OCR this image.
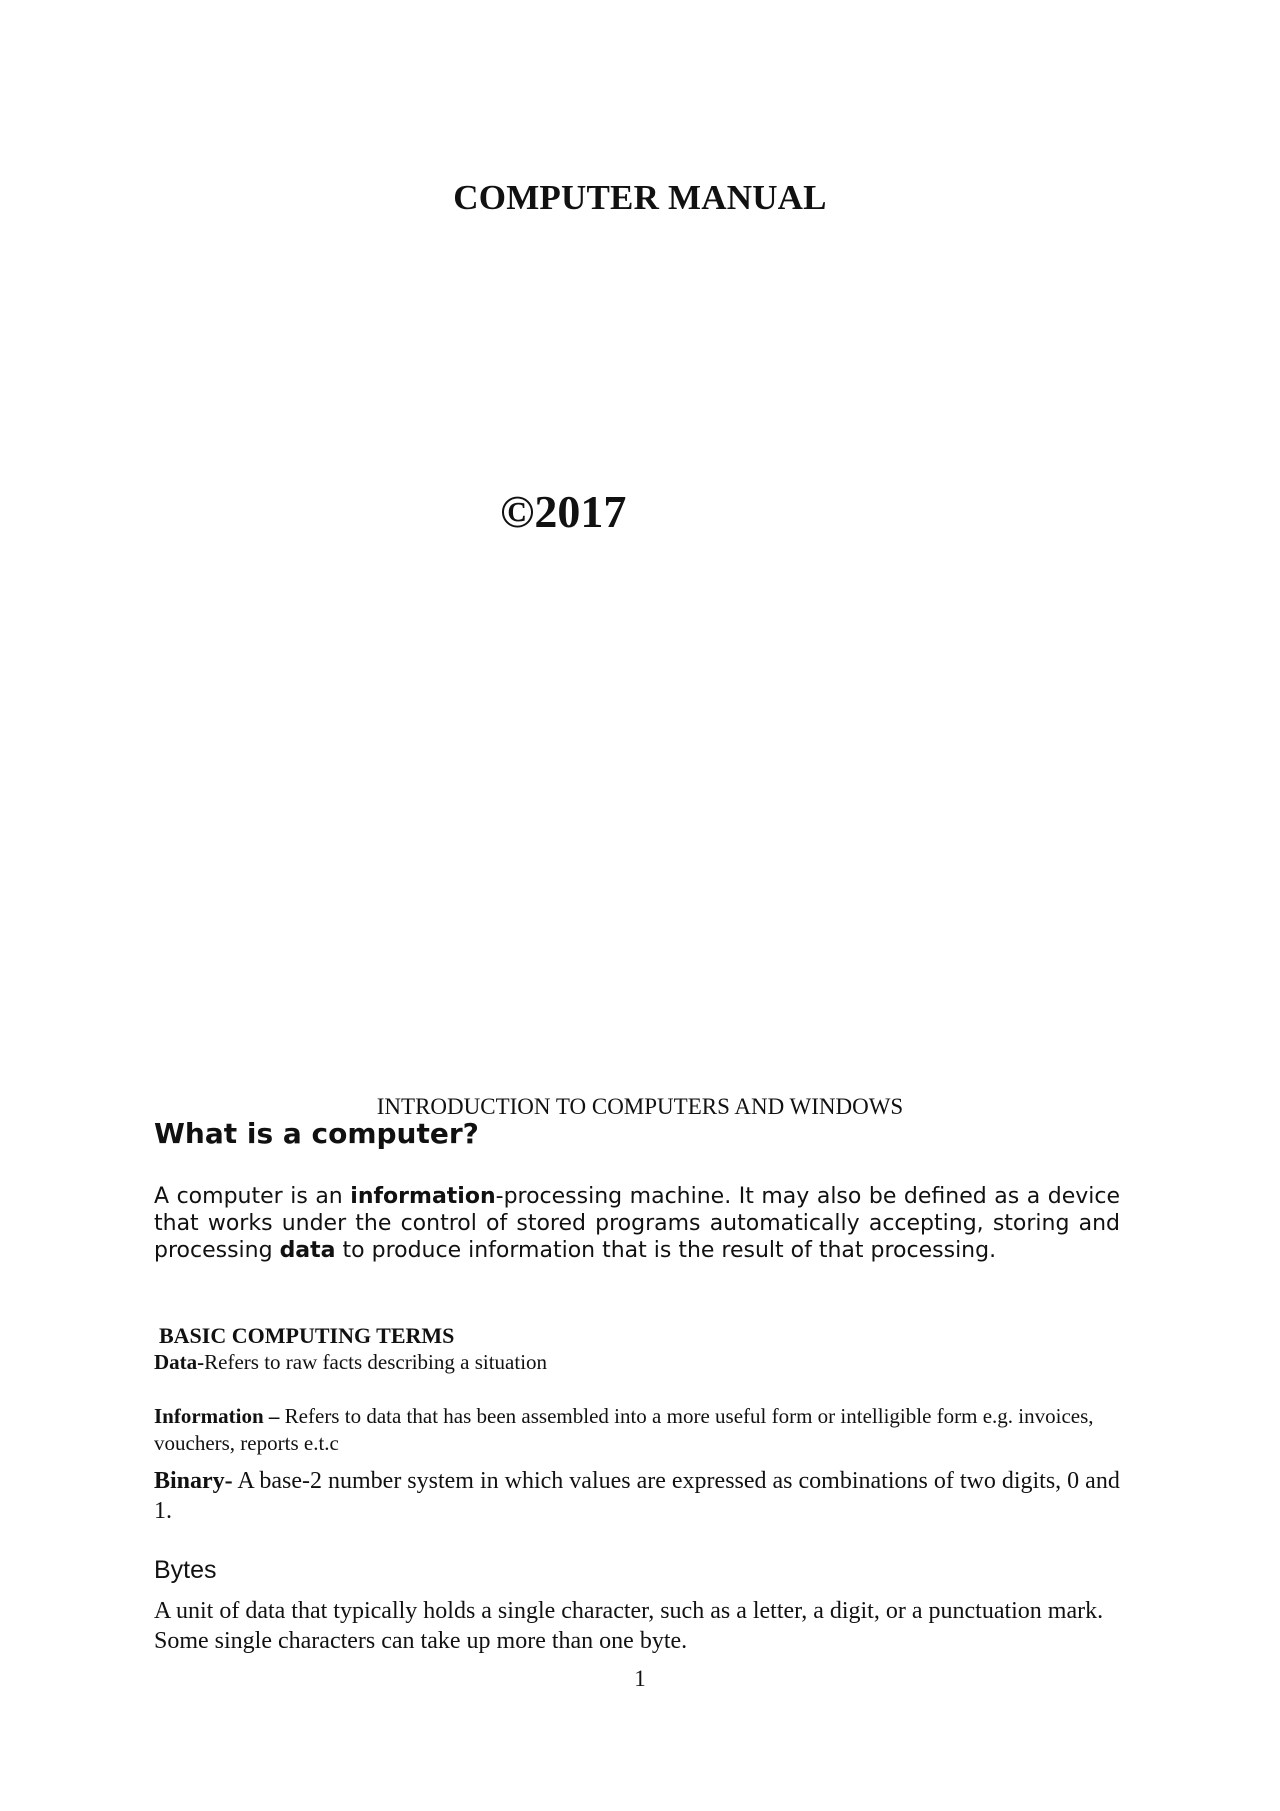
COMPUTER MANUAL
©2017
INTRODUCTION TO COMPUTERS AND WINDOWS
What is a computer?

A computer is an information-processing machine. It may also be defined as a device that works under the control of stored programs automatically accepting, storing and processing data to produce information that is the result of that processing.

BASIC COMPUTING TERMS

Data-Refers to raw facts describing a situation

Information – Refers to data that has been assembled into a more useful form or intelligible form e.g. invoices, vouchers, reports e.t.c

Binary- A base-2 number system in which values are expressed as combinations of two digits, 0 and 1.

Bytes

A unit of data that typically holds a single character, such as a letter, a digit, or a punctuation mark. Some single characters can take up more than one byte.

1
